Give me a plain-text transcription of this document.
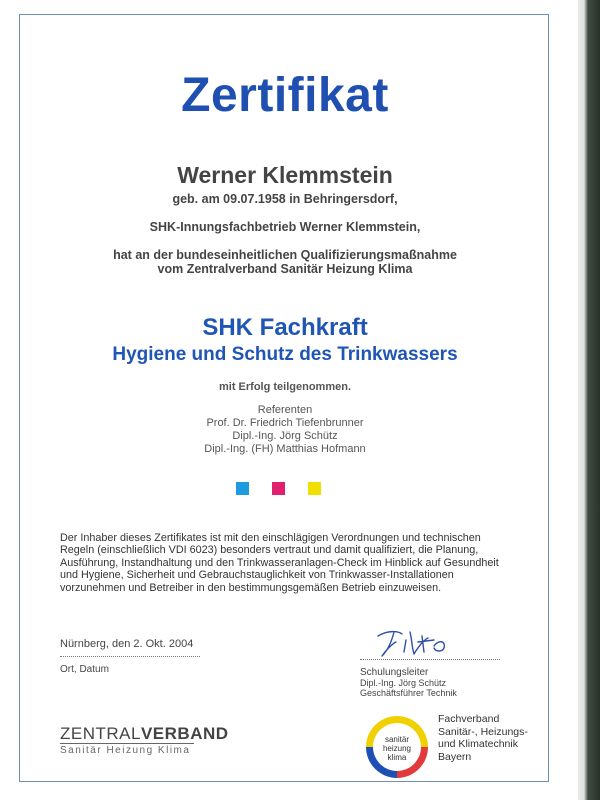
Zertifikat
Werner Klemmstein
geb. am 09.07.1958 in Behringersdorf,
SHK-Innungsfachbetrieb Werner Klemmstein,
hat an der bundeseinheitlichen Qualifizierungsmaßnahme
vom Zentralverband Sanitär Heizung Klima
SHK Fachkraft
Hygiene und Schutz des Trinkwassers
mit Erfolg teilgenommen.
Referenten
Prof. Dr. Friedrich Tiefenbrunner
Dipl.-Ing. Jörg Schütz
Dipl.-Ing. (FH) Matthias Hofmann
Der Inhaber dieses Zertifikates ist mit den einschlägigen Verordnungen und technischen
Regeln (einschließlich VDI 6023) besonders vertraut und damit qualifiziert, die Planung,
Ausführung, Instandhaltung und den Trinkwasseranlagen-Check im Hinblick auf Gesundheit
und Hygiene, Sicherheit und Gebrauchstauglichkeit von Trinkwasser-Installationen
vorzunehmen und Betreiber in den bestimmungsgemäßen Betrieb einzuweisen.
Nürnberg, den 2. Okt. 2004
Ort, Datum	Schulungsleiter
Dipl.-Ing. Jörg Schütz
Geschäftsführer Technik
ZENTRALVERBAND
Sanitär Heizung Klima
sanitär
heizung
klima
Fachverband
Sanitär-, Heizungs-
und Klimatechnik
Bayern
